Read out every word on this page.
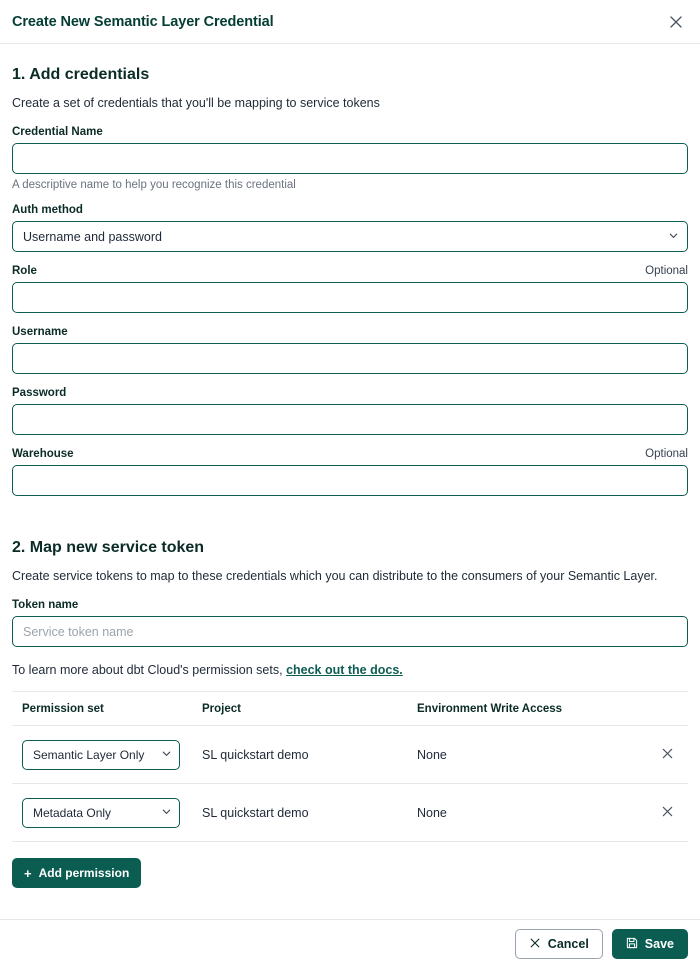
Create New Semantic Layer Credential
1. Add credentials

Create a set of credentials that you'll be mapping to service tokens

Credential Name
A descriptive name to help you recognize this credential
Auth method
Username and password
Role	Optional
Username
Password
Warehouse	Optional
2. Map new service token

Create service tokens to map to these credentials which you can distribute to the consumers of your Semantic Layer.

Token name
Service token name
To learn more about dbt Cloud's permission sets, check out the docs.
Permission set	Project	Environment Write Access
Semantic Layer Only	SL quickstart demo	None
Metadata Only	SL quickstart demo	None
+ Add permission
Cancel	Save
